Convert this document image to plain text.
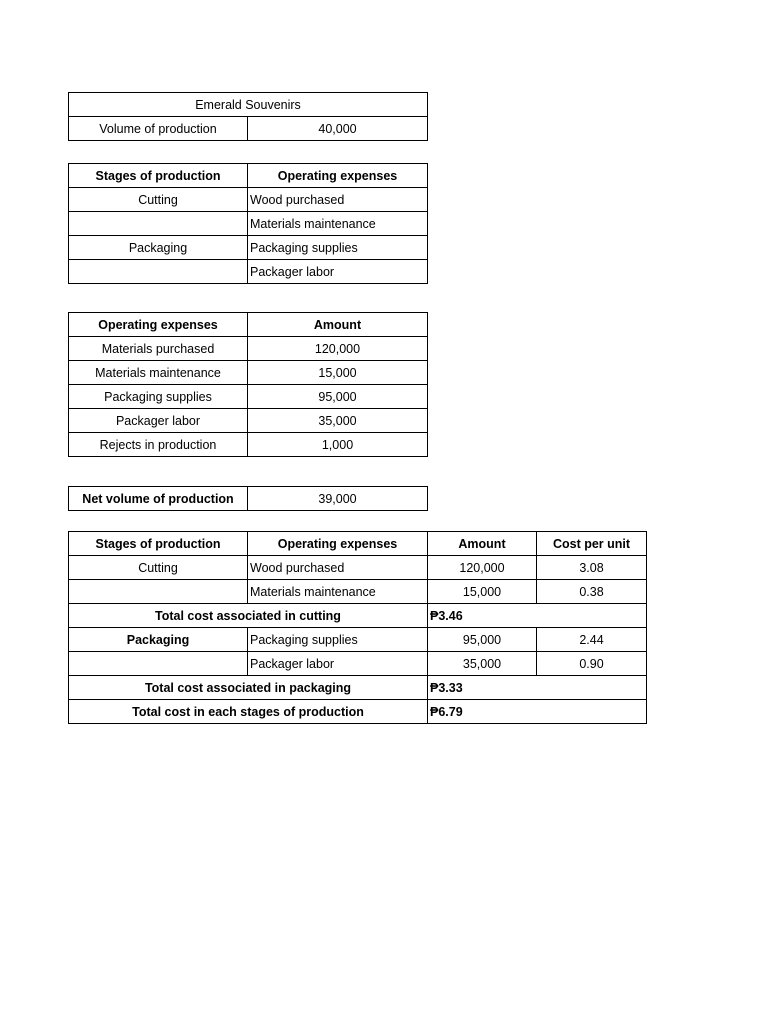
Emerald Souvenirs
Volume of production	40,000
Stages of production	Operating expenses
Cutting	Wood purchased
	Materials maintenance
Packaging	Packaging supplies
	Packager labor
Operating expenses	Amount
Materials purchased	120,000
Materials maintenance	15,000
Packaging supplies	95,000
Packager labor	35,000
Rejects in production	1,000
Net volume of production	39,000
Stages of production	Operating expenses	Amount	Cost per unit
Cutting	Wood purchased	120,000	3.08
	Materials maintenance	15,000	0.38
Total cost associated in cutting		₱3.46	
Packaging	Packaging supplies	95,000	2.44
	Packager labor	35,000	0.90
Total cost associated in packaging		₱3.33	
Total cost in each stages of production		₱6.79	
